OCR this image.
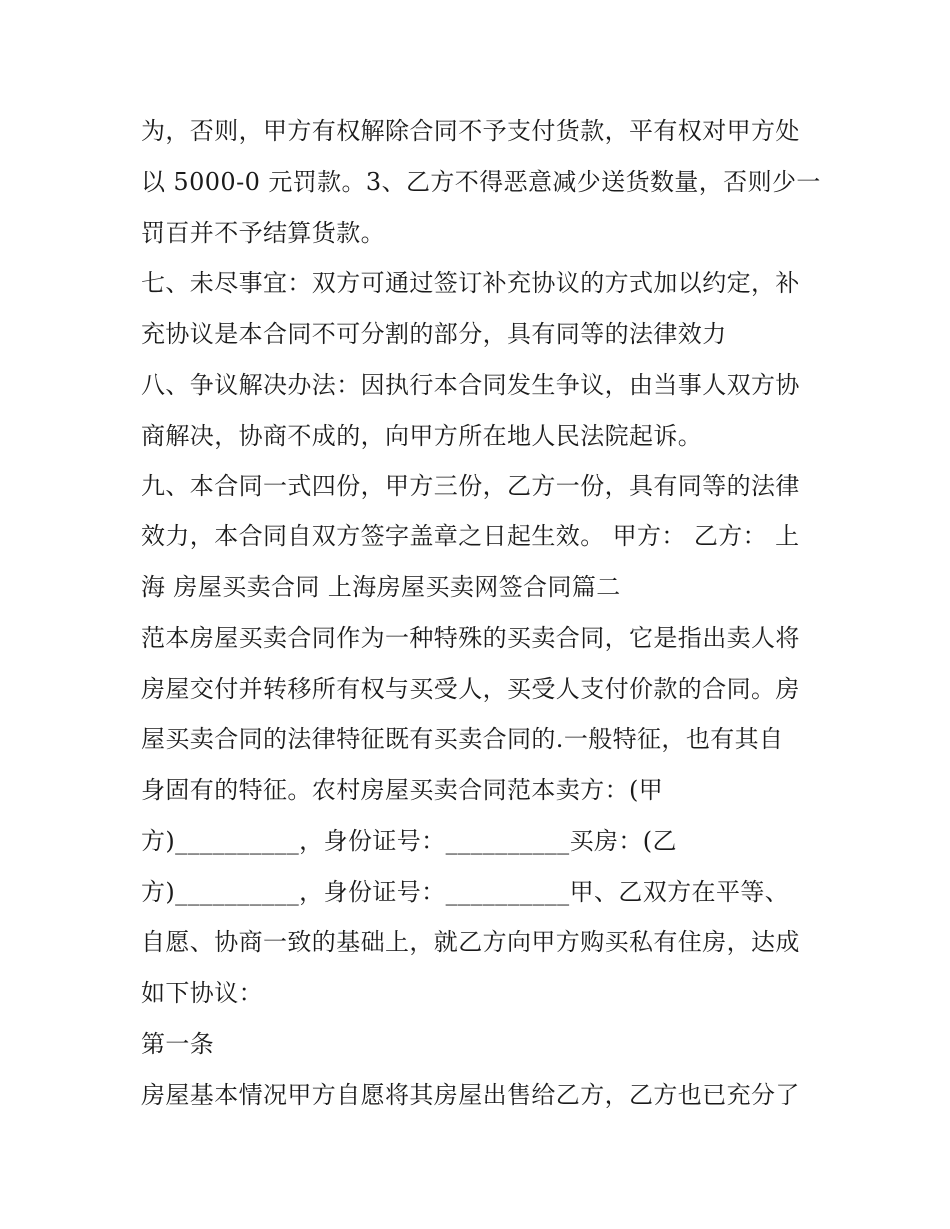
为，否则，甲方有权解除合同不予支付货款，平有权对甲方处
以 5000-0 元罚款。3、乙方不得恶意减少送货数量，否则少一
罚百并不予结算货款。
七、未尽事宜：双方可通过签订补充协议的方式加以约定，补
充协议是本合同不可分割的部分，具有同等的法律效力
八、争议解决办法：因执行本合同发生争议，由当事人双方协
商解决，协商不成的，向甲方所在地人民法院起诉。
九、本合同一式四份，甲方三份，乙方一份，具有同等的法律
效力，本合同自双方签字盖章之日起生效。 甲方： 乙方： 上
海 房屋买卖合同 上海房屋买卖网签合同篇二
范本房屋买卖合同作为一种特殊的买卖合同，它是指出卖人将
房屋交付并转移所有权与买受人，买受人支付价款的合同。房
屋买卖合同的法律特征既有买卖合同的.一般特征，也有其自
身固有的特征。农村房屋买卖合同范本卖方：(甲
方)__________，身份证号：__________买房：(乙
方)__________，身份证号：__________甲、乙双方在平等、
自愿、协商一致的基础上，就乙方向甲方购买私有住房，达成
如下协议：
第一条
房屋基本情况甲方自愿将其房屋出售给乙方，乙方也已充分了
